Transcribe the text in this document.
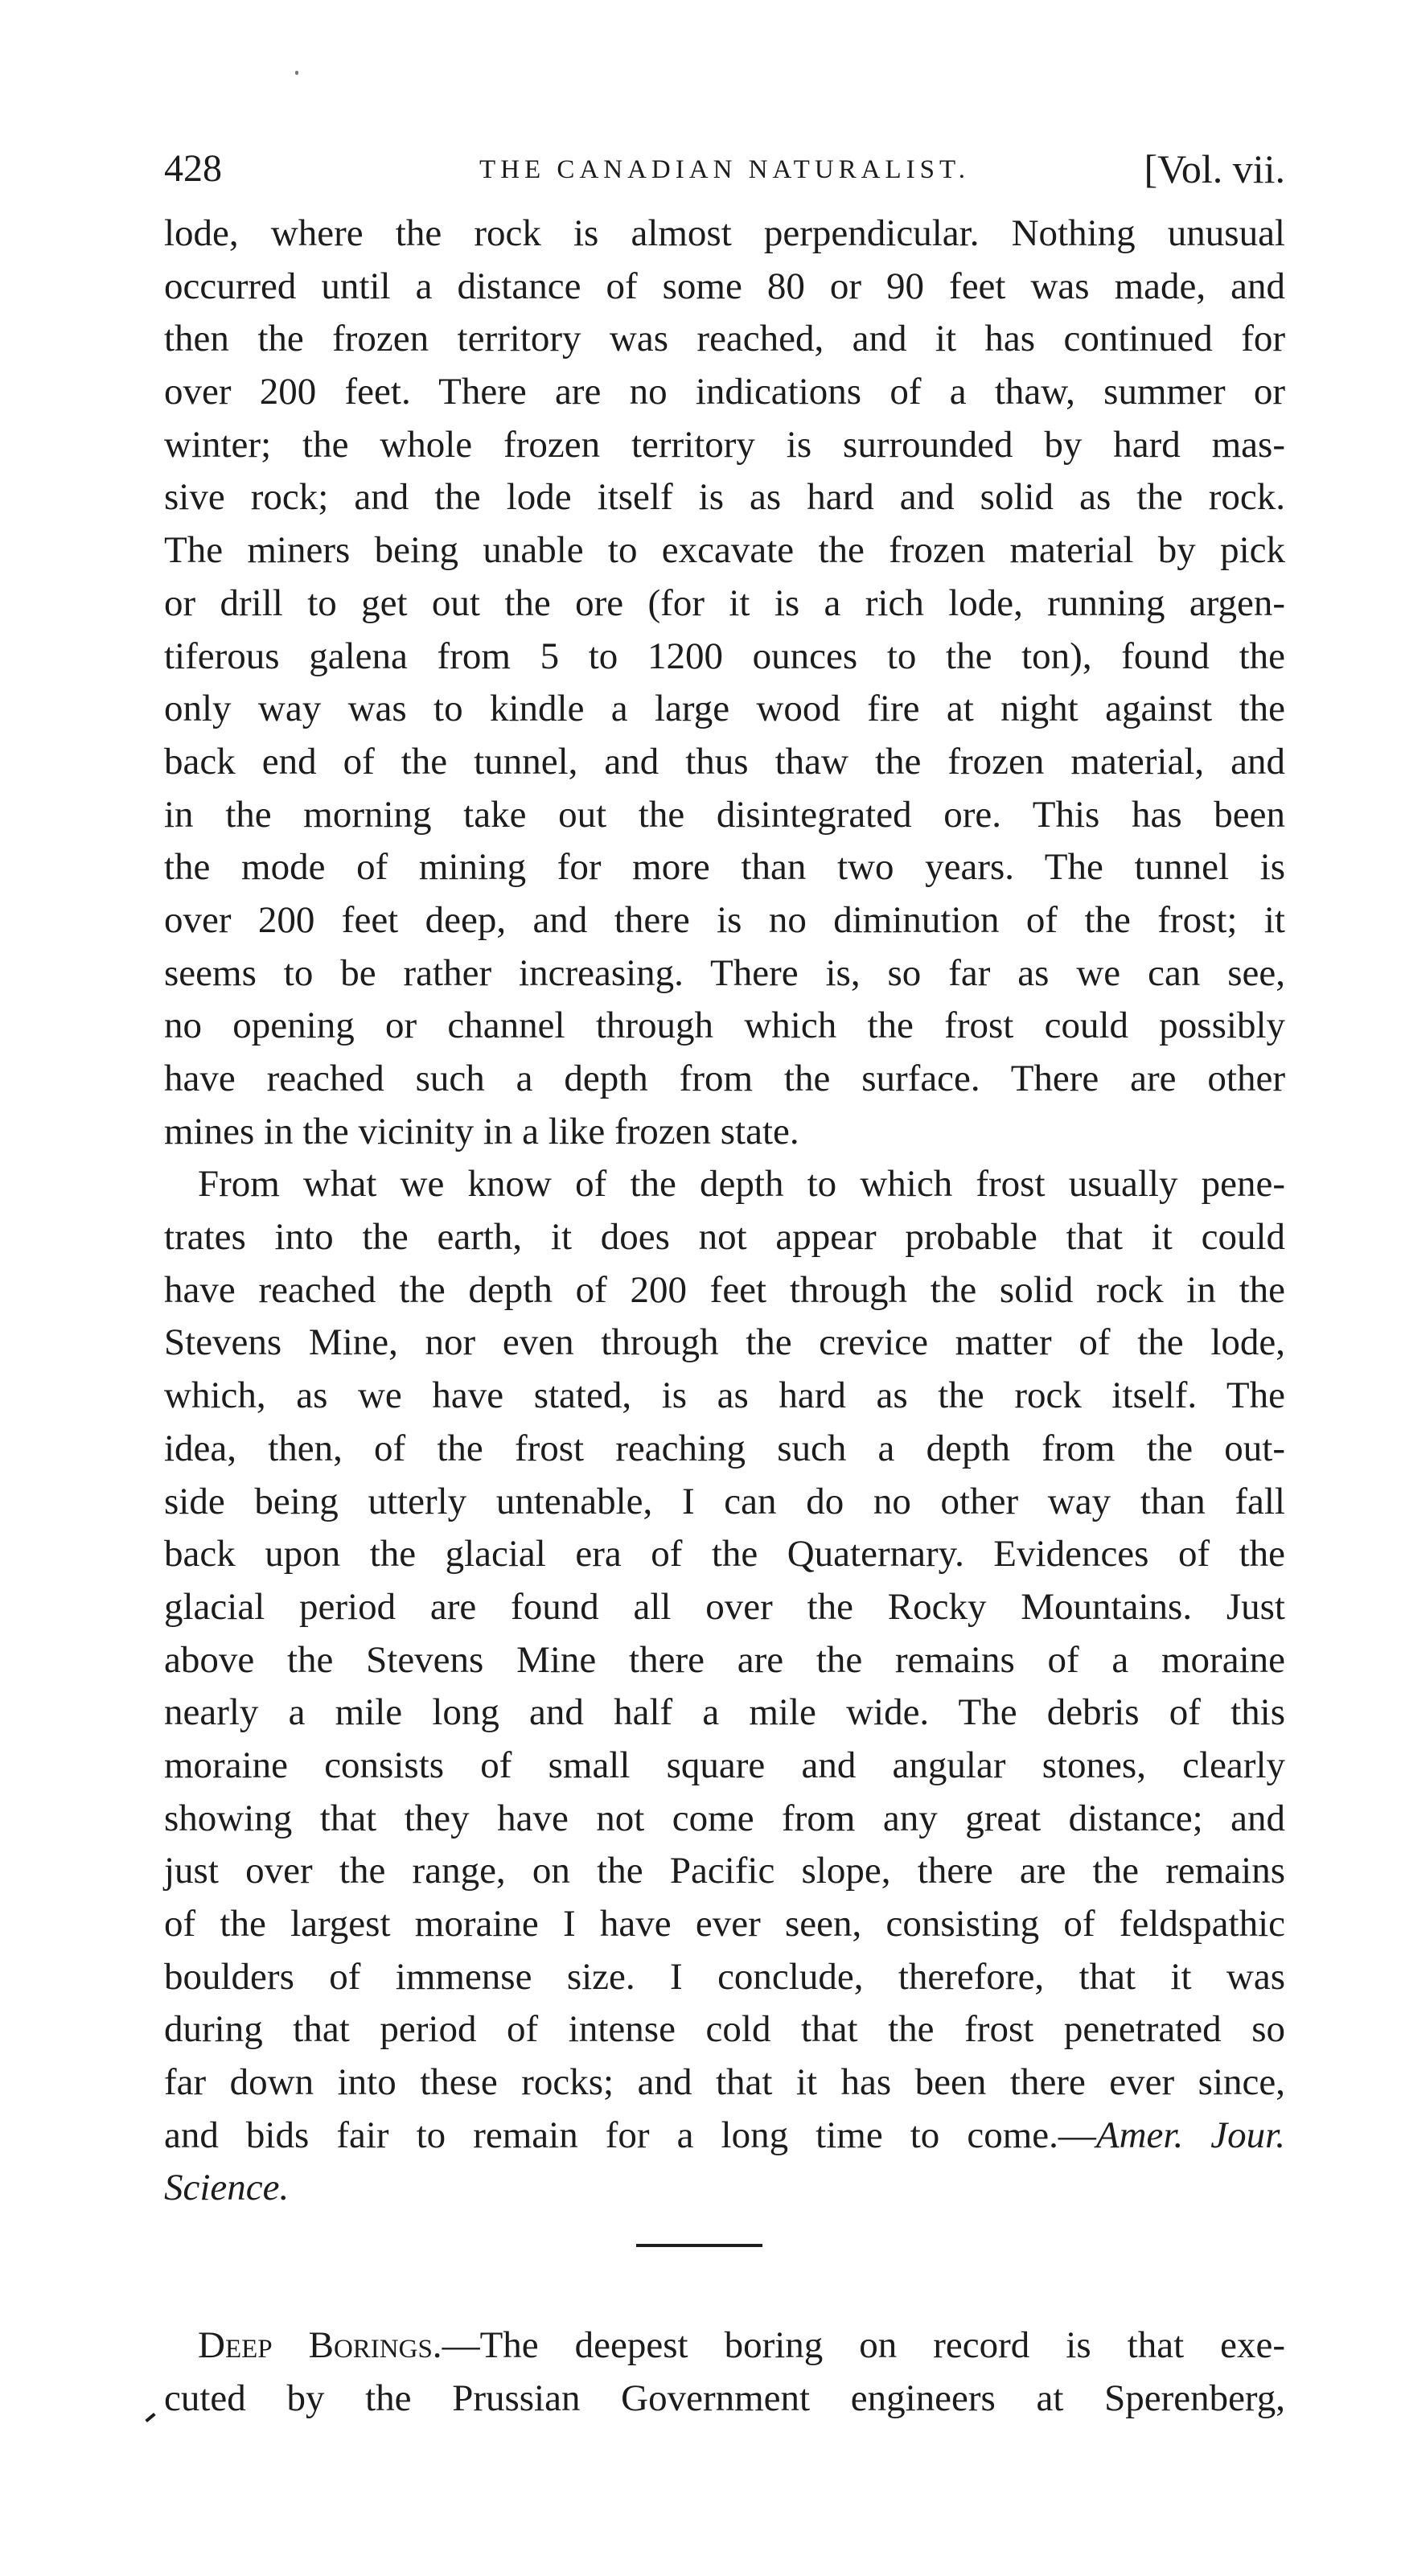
428	THE CANADIAN NATURALIST.	[Vol. vii.
lode, where the rock is almost perpendicular. Nothing unusual
occurred until a distance of some 80 or 90 feet was made, and
then the frozen territory was reached, and it has continued for
over 200 feet. There are no indications of a thaw, summer or
winter; the whole frozen territory is surrounded by hard mas-
sive rock; and the lode itself is as hard and solid as the rock.
The miners being unable to excavate the frozen material by pick
or drill to get out the ore (for it is a rich lode, running argen-
tiferous galena from 5 to 1200 ounces to the ton), found the
only way was to kindle a large wood fire at night against the
back end of the tunnel, and thus thaw the frozen material, and
in the morning take out the disintegrated ore. This has been
the mode of mining for more than two years. The tunnel is
over 200 feet deep, and there is no diminution of the frost; it
seems to be rather increasing. There is, so far as we can see,
no opening or channel through which the frost could possibly
have reached such a depth from the surface. There are other
mines in the vicinity in a like frozen state.
From what we know of the depth to which frost usually pene-
trates into the earth, it does not appear probable that it could
have reached the depth of 200 feet through the solid rock in the
Stevens Mine, nor even through the crevice matter of the lode,
which, as we have stated, is as hard as the rock itself. The
idea, then, of the frost reaching such a depth from the out-
side being utterly untenable, I can do no other way than fall
back upon the glacial era of the Quaternary. Evidences of the
glacial period are found all over the Rocky Mountains. Just
above the Stevens Mine there are the remains of a moraine
nearly a mile long and half a mile wide. The debris of this
moraine consists of small square and angular stones, clearly
showing that they have not come from any great distance; and
just over the range, on the Pacific slope, there are the remains
of the largest moraine I have ever seen, consisting of feldspathic
boulders of immense size. I conclude, therefore, that it was
during that period of intense cold that the frost penetrated so
far down into these rocks; and that it has been there ever since,
and bids fair to remain for a long time to come.—Amer. Jour.
Science.
Deep Borings.—The deepest boring on record is that exe-
cuted by the Prussian Government engineers at Sperenberg,
